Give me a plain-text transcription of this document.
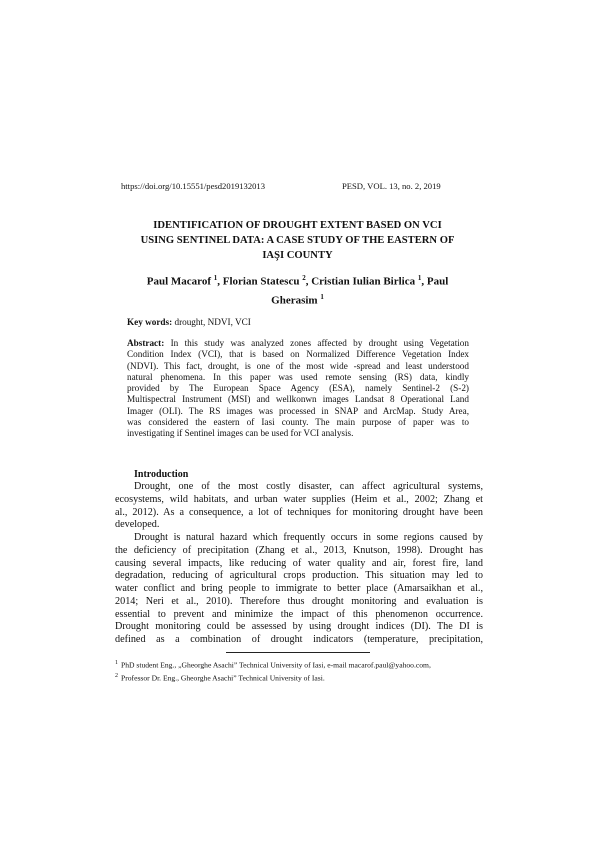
https://doi.org/10.15551/pesd2019132013	PESD, VOL. 13, no. 2, 2019
IDENTIFICATION OF DROUGHT EXTENT BASED ON VCI
USING SENTINEL DATA: A CASE STUDY OF THE EASTERN OF
IAŞI COUNTY
Paul Macarof $^1$, Florian Statescu $^2$, Cristian Iulian Birlica $^1$, Paul
Gherasim $^1$
Key words: drought, NDVI, VCI
Abstract: In this study was analyzed zones affected by drought using Vegetation
Condition Index (VCI), that is based on Normalized Difference Vegetation Index
(NDVI). This fact, drought, is one of the most wide -spread and least understood
natural phenomena. In this paper was used remote sensing (RS) data, kindly
provided by The European Space Agency (ESA), namely Sentinel-2 (S-2)
Multispectral Instrument (MSI) and wellkonwn images Landsat 8 Operational Land
Imager (OLI). The RS images was processed in SNAP and ArcMap. Study Area,
was considered the eastern of Iasi county. The main purpose of paper was to
investigating if Sentinel images can be used for VCI analysis.
Introduction
Drought, one of the most costly disaster, can affect agricultural systems,
ecosystems, wild habitats, and urban water supplies (Heim et al., 2002; Zhang et
al., 2012). As a consequence, a lot of techniques for monitoring drought have been
developed.
Drought is natural hazard which frequently occurs in some regions caused by
the deficiency of precipitation (Zhang et al., 2013, Knutson, 1998). Drought has
causing several impacts, like reducing of water quality and air, forest fire, land
degradation, reducing of agricultural crops production. This situation may led to
water conflict and bring people to immigrate to better place (Amarsaikhan et al.,
2014; Neri et al., 2010). Therefore thus drought monitoring and evaluation is
essential to prevent and minimize the impact of this phenomenon occurrence.
Drought monitoring could be assessed by using drought indices (DI). The DI is
defined as a combination of drought indicators (temperature, precipitation,
$^1$ PhD student Eng., „Gheorghe Asachi” Technical University of Iasi, e-mail macarof.paul@yahoo.com,
$^2$ Professor Dr. Eng., Gheorghe Asachi” Technical University of Iasi.
